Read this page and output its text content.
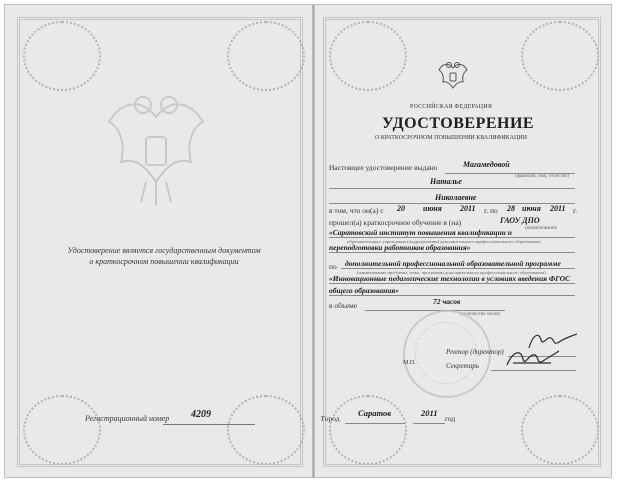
Удостоверение является государственным документом
о краткосрочном повышении квалификации
Регистрационный номер 4209
РОССИЙСКАЯ ФЕДЕРАЦИЯ
УДОСТОВЕРЕНИЕ
О КРАТКОСРОЧНОМ ПОВЫШЕНИИ КВАЛИФИКАЦИИ
Настоящее удостоверение выдано	Магамедовой
(фамилия, имя, отчество)
Наталье
Николаевне
в том, что он(а) с 20 июня 2011 г. по 28 июня 2011 г.
прошел(а) краткосрочное обучение в (на)	ГАОУ ДПО
(наименование
«Саратовский институт повышения квалификации и
образовательного учреждения (подразделения) дополнительного профессионального образования)
переподготовки работников образования»
по дополнительной профессиональной образовательной программе
(наименование проблемы, темы, программы дополнительного профессионального образования)
«Инновационные педагогические технологии в условиях введения ФГОС
общего образования»
в объеме	72 часов
(количество часов)
Ректор (директор)
М.П.	Секретарь
Город
Саратов	2011
год
